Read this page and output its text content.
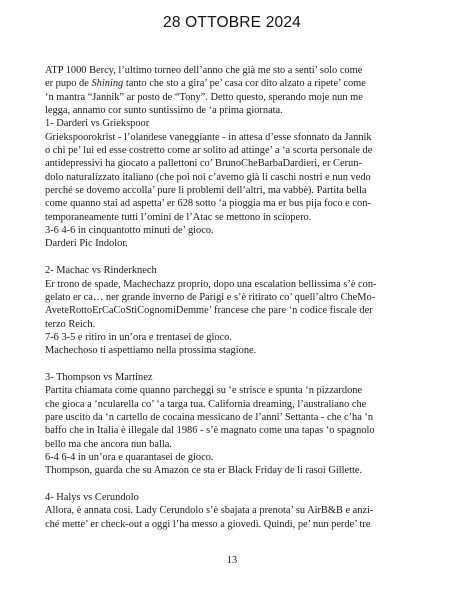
28 OTTOBRE 2024

ATP 1000 Bercy, l’ultimo torneo dell’anno che già me sto a senti’ solo come
er pupo de Shining tanto che sto a gira’ pe’ casa cor dito alzato a ripete’ come
‘n mantra “Jannik” ar posto de “Tony”. Detto questo, sperando moje nun me
legga, annamo cor sunto suntissimo de ‘a prima giornata.

1- Darderi vs Griekspoor
Griekspoorokrist - l’olandese vaneggiante - in attesa d’esse sfonnato da Jannik
o chi pe’ lui ed esse costretto come ar solito ad attinge’ a ‘a scorta personale de
antidepressivi ha giocato a pallettoni co’ BrunoCheBarbaDardieri, er Cerun-
dolo naturalizzato italiano (che poi noi c’avemo già li caschi nostri e nun vedo
perché se dovemo accolla’ pure li problemi dell’altri, ma vabbè). Partita bella
come quanno stai ad aspetta’ er 628 sotto ‘a pioggia ma er bus pija foco e con-
temporaneamente tutti l’omini de l’Atac se mettono in sciopero.
3-6 4-6 in cinquantotto minuti de’ gioco.
Darderi Pic Indolor.

2- Machac vs Rinderknech
Er trono de spade, Machechazz proprio, dopo una escalation bellissima s’è con-
gelato er ca… ner grande inverno de Parigi e s’è ritirato co’ quell’altro CheMo-
AveteRottoErCaCoStiCognomiDemme’ francese che pare ‘n codice fiscale der
terzo Reich.
7-6 3-5 e ritiro in un’ora e trentasei de gioco.
Machechoso ti aspettiamo nella prossima stagione.

3- Thompson vs Martinez
Partita chiamata come quanno parcheggi su ‘e strisce e spunta ‘n pizzardone
che gioca a ‘ncularella co’ ‘a targa tua. California dreaming, l’australiano che
pare uscito da ‘n cartello de cocaina messicano de l’anni’ Settanta - che c’ha ‘n
baffo che in Italia è illegale dal 1986 - s’è magnato come una tapas ‘o spagnolo
bello ma che ancora nun balla.
6-4 6-4 in un’ora e quarantasei de gioco.
Thompson, guarda che su Amazon ce sta er Black Friday de li rasoi Gillette.

4- Halys vs Cerundolo
Allora, è annata così. Lady Cerundolo s’è sbajata a prenota’ su AirB&B e anzi-
ché mette’ er check-out a oggi l’ha messo a giovedì. Quindi, pe’ nun perde’ tre

13
